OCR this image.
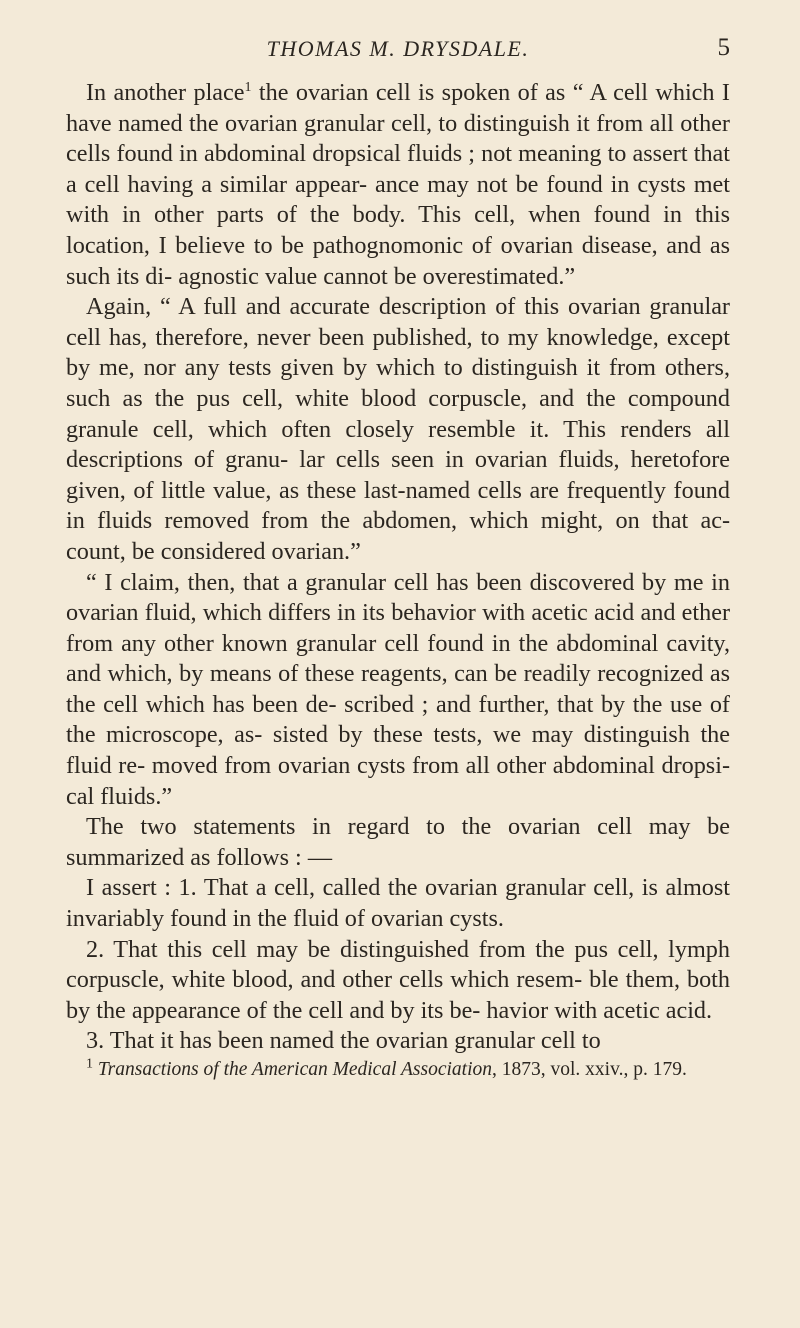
THOMAS M. DRYSDALE.	5

In another place$^1$ the ovarian cell is spoken of as “ A cell which I have named the ovarian granular cell, to distinguish it from all other cells found in abdominal dropsical fluids ; not meaning to assert that a cell having a similar appear- ance may not be found in cysts met with in other parts of the body. This cell, when found in this location, I believe to be pathognomonic of ovarian disease, and as such its di- agnostic value cannot be overestimated.”

Again, “ A full and accurate description of this ovarian granular cell has, therefore, never been published, to my knowledge, except by me, nor any tests given by which to distinguish it from others, such as the pus cell, white blood corpuscle, and the compound granule cell, which often closely resemble it. This renders all descriptions of granu- lar cells seen in ovarian fluids, heretofore given, of little value, as these last-named cells are frequently found in fluids removed from the abdomen, which might, on that ac- count, be considered ovarian.”

“ I claim, then, that a granular cell has been discovered by me in ovarian fluid, which differs in its behavior with acetic acid and ether from any other known granular cell found in the abdominal cavity, and which, by means of these reagents, can be readily recognized as the cell which has been de- scribed ; and further, that by the use of the microscope, as- sisted by these tests, we may distinguish the fluid re- moved from ovarian cysts from all other abdominal dropsi- cal fluids.”

The two statements in regard to the ovarian cell may be summarized as follows : —

I assert : 1. That a cell, called the ovarian granular cell, is almost invariably found in the fluid of ovarian cysts.

2. That this cell may be distinguished from the pus cell, lymph corpuscle, white blood, and other cells which resem- ble them, both by the appearance of the cell and by its be- havior with acetic acid.

3. That it has been named the ovarian granular cell to

$^1$ Transactions of the American Medical Association, 1873, vol. xxiv., p. 179.
